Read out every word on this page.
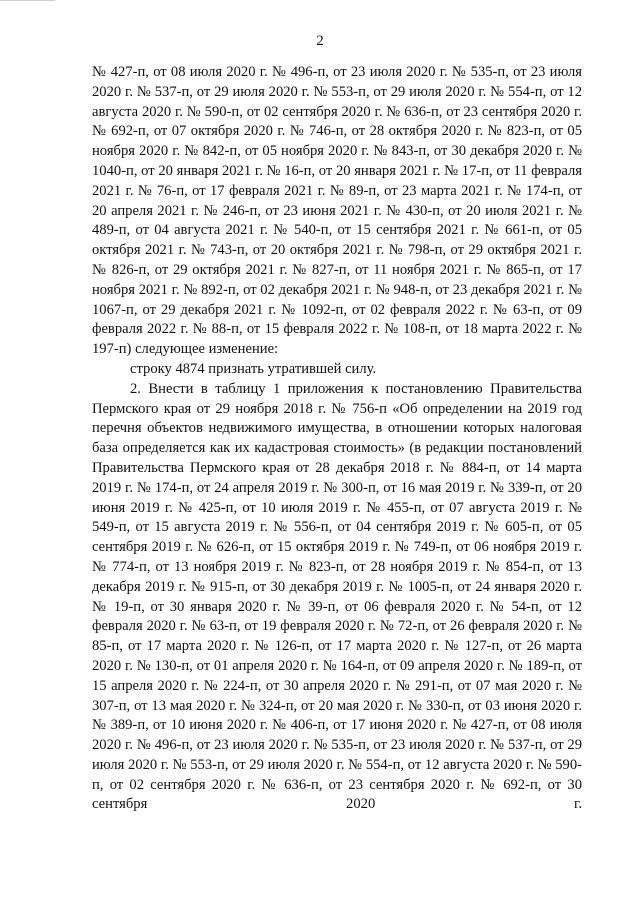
2

№ 427-п, от 08 июля 2020 г. № 496-п, от 23 июля 2020 г. № 535-п, от 23 июля 2020 г. № 537-п, от 29 июля 2020 г. № 553-п, от 29 июля 2020 г. № 554-п, от 12 августа 2020 г. № 590-п, от 02 сентября 2020 г. № 636-п, от 23 сентября 2020 г. № 692-п, от 07 октября 2020 г. № 746-п, от 28 октября 2020 г. № 823-п, от 05 ноября 2020 г. № 842-п, от 05 ноября 2020 г. № 843-п, от 30 декабря 2020 г. № 1040-п, от 20 января 2021 г. № 16-п, от 20 января 2021 г. № 17-п, от 11 февраля 2021 г. № 76-п, от 17 февраля 2021 г. № 89-п, от 23 марта 2021 г. № 174-п, от 20 апреля 2021 г. № 246-п, от 23 июня 2021 г. № 430-п, от 20 июля 2021 г. № 489-п, от 04 августа 2021 г. № 540-п, от 15 сентября 2021 г. № 661-п, от 05 октября 2021 г. № 743-п, от 20 октября 2021 г. № 798-п, от 29 октября 2021 г. № 826-п, от 29 октября 2021 г. № 827-п, от 11 ноября 2021 г. № 865-п, от 17 ноября 2021 г. № 892-п, от 02 декабря 2021 г. № 948-п, от 23 декабря 2021 г. № 1067-п, от 29 декабря 2021 г. № 1092-п, от 02 февраля 2022 г. № 63-п, от 09 февраля 2022 г. № 88-п, от 15 февраля 2022 г. № 108-п, от 18 марта 2022 г. № 197-п) следующее изменение:

строку 4874 признать утратившей силу.

2. Внести в таблицу 1 приложения к постановлению Правительства Пермского края от 29 ноября 2018 г. № 756-п «Об определении на 2019 год перечня объектов недвижимого имущества, в отношении которых налоговая база определяется как их кадастровая стоимость» (в редакции постановлений Правительства Пермского края от 28 декабря 2018 г. № 884-п, от 14 марта 2019 г. № 174-п, от 24 апреля 2019 г. № 300-п, от 16 мая 2019 г. № 339-п, от 20 июня 2019 г. № 425-п, от 10 июля 2019 г. № 455-п, от 07 августа 2019 г. № 549-п, от 15 августа 2019 г. № 556-п, от 04 сентября 2019 г. № 605-п, от 05 сентября 2019 г. № 626-п, от 15 октября 2019 г. № 749-п, от 06 ноября 2019 г. № 774-п, от 13 ноября 2019 г. № 823-п, от 28 ноября 2019 г. № 854-п, от 13 декабря 2019 г. № 915-п, от 30 декабря 2019 г. № 1005-п, от 24 января 2020 г. № 19-п, от 30 января 2020 г. № 39-п, от 06 февраля 2020 г. № 54-п, от 12 февраля 2020 г. № 63-п, от 19 февраля 2020 г. № 72-п, от 26 февраля 2020 г. № 85-п, от 17 марта 2020 г. № 126-п, от 17 марта 2020 г. № 127-п, от 26 марта 2020 г. № 130-п, от 01 апреля 2020 г. № 164-п, от 09 апреля 2020 г. № 189-п, от 15 апреля 2020 г. № 224-п, от 30 апреля 2020 г. № 291-п, от 07 мая 2020 г. № 307-п, от 13 мая 2020 г. № 324-п, от 20 мая 2020 г. № 330-п, от 03 июня 2020 г. № 389-п, от 10 июня 2020 г. № 406-п, от 17 июня 2020 г. № 427-п, от 08 июля 2020 г. № 496-п, от 23 июля 2020 г. № 535-п, от 23 июля 2020 г. № 537-п, от 29 июля 2020 г. № 553-п, от 29 июля 2020 г. № 554-п, от 12 августа 2020 г. № 590-п, от 02 сентября 2020 г. № 636-п, от 23 сентября 2020 г. № 692-п, от 30 сентября 2020 г.
